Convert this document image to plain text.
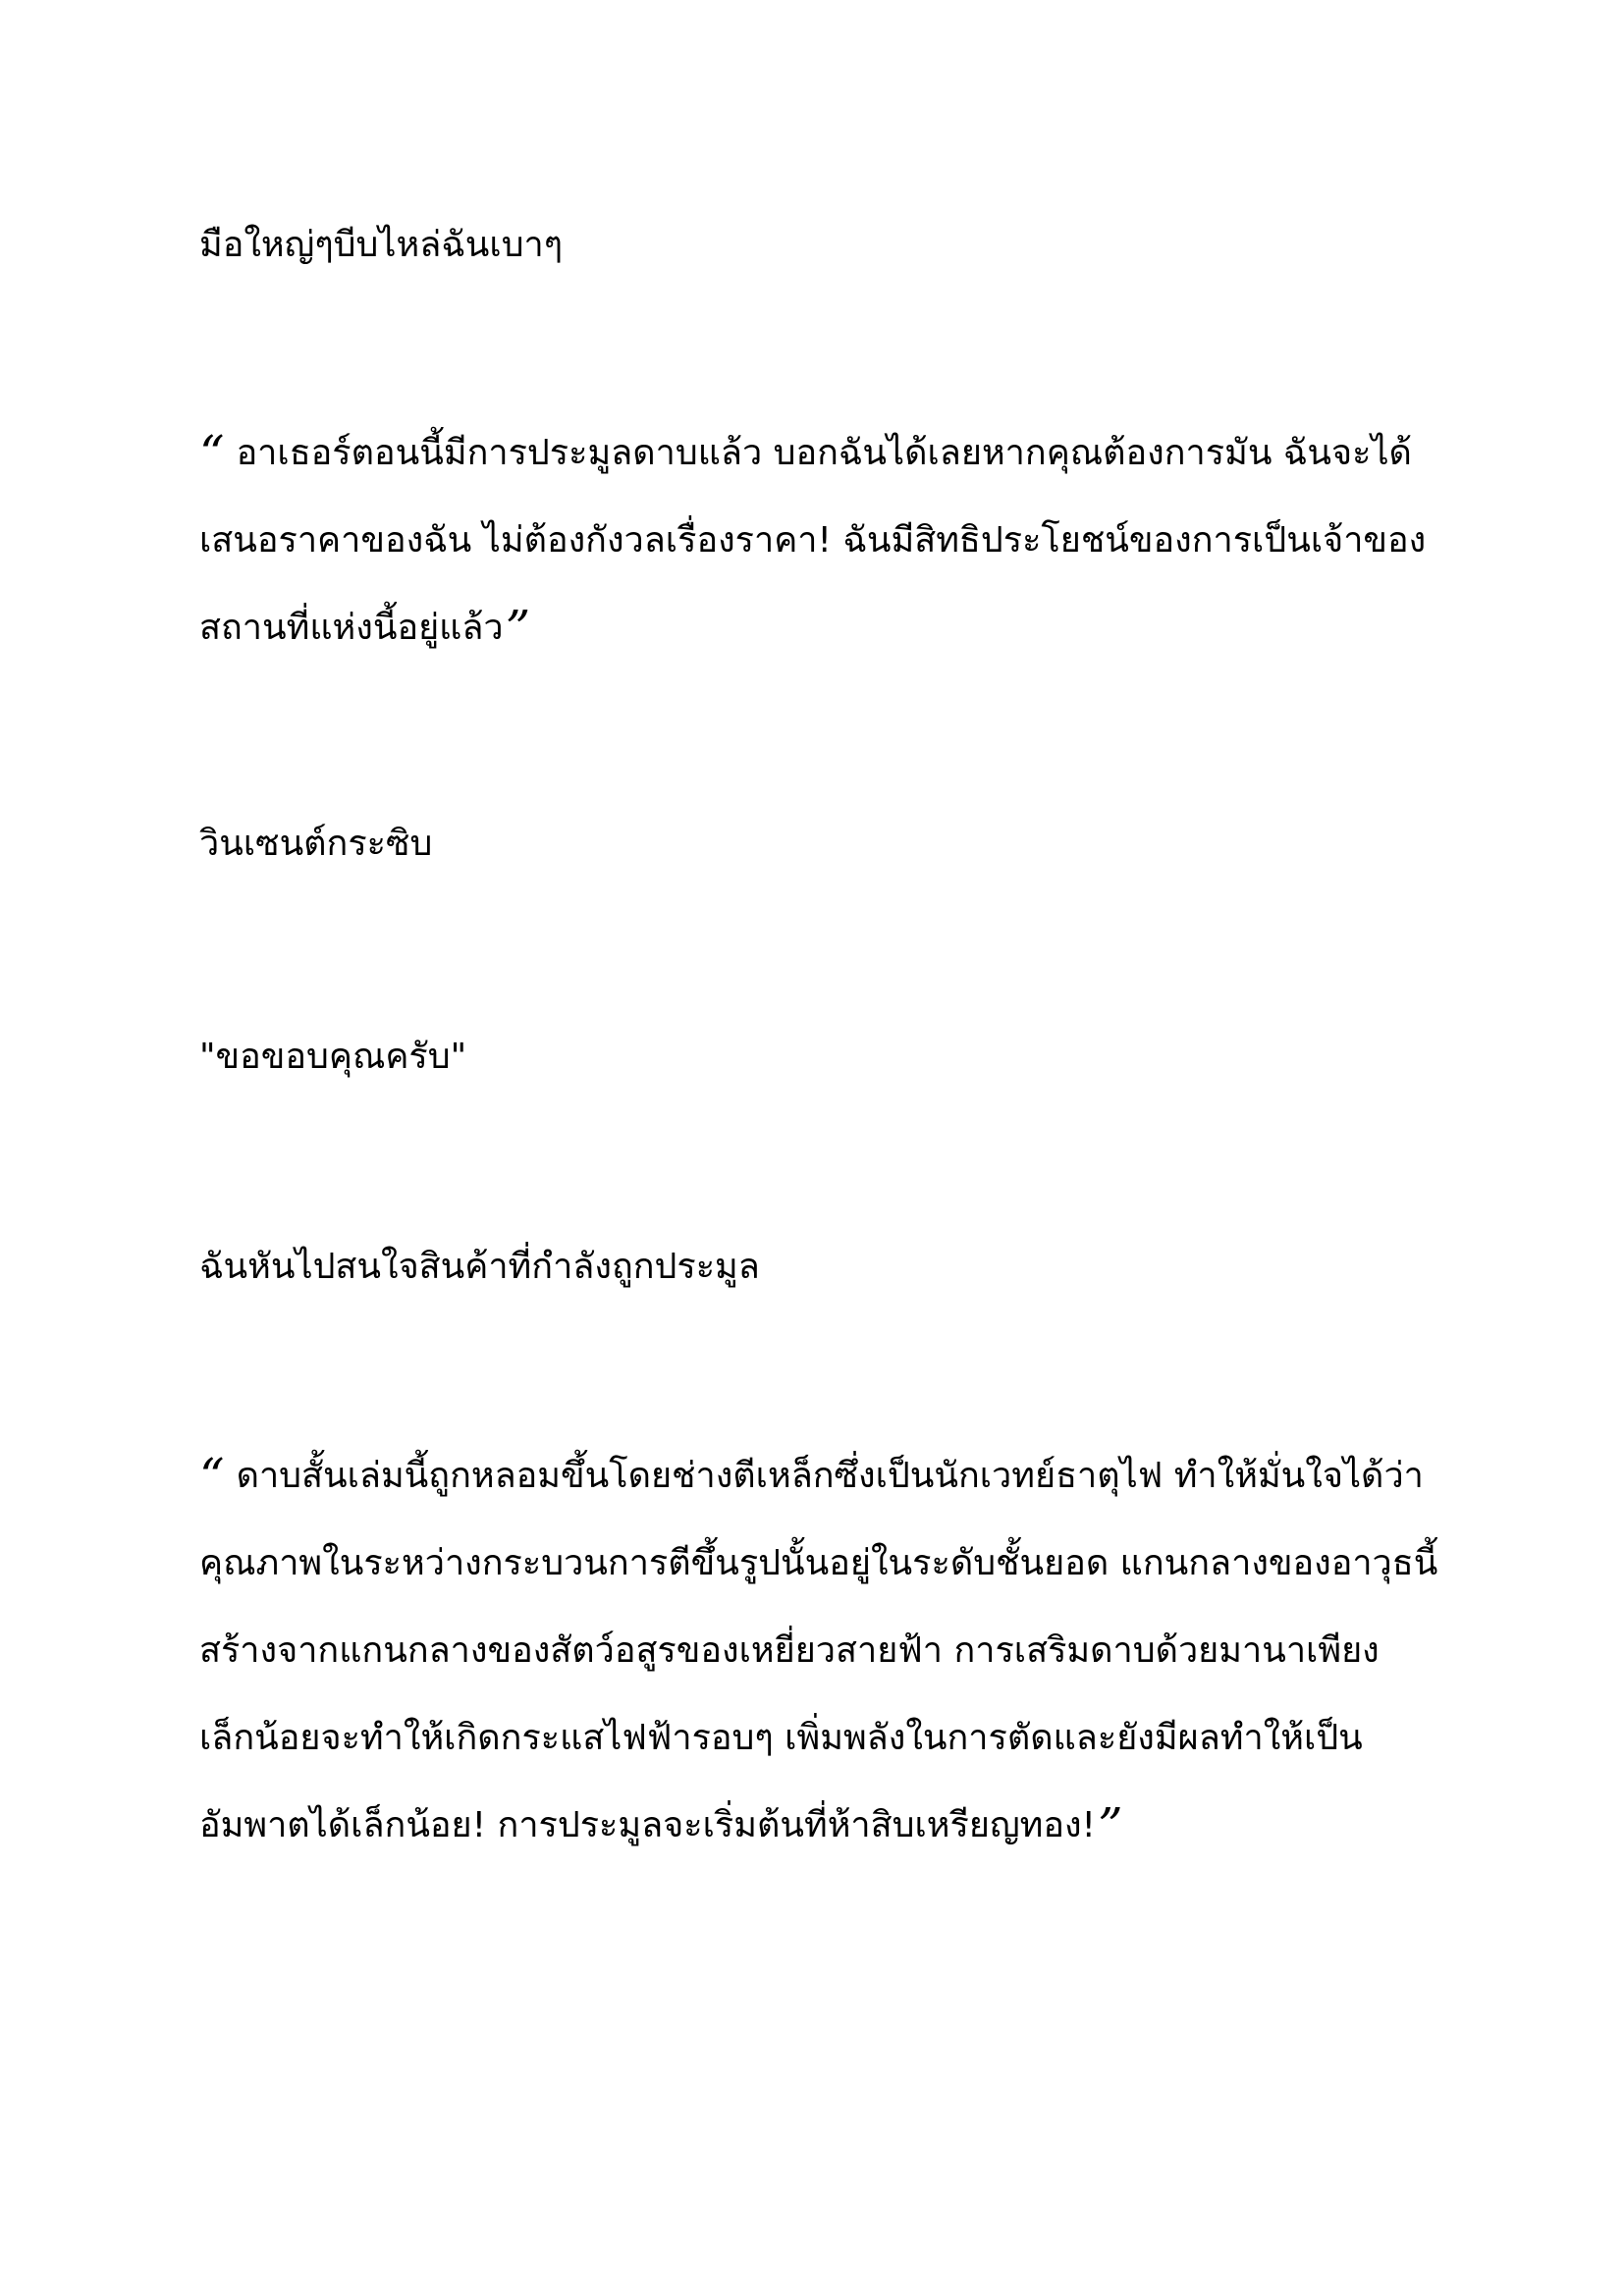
มือใหญ่ๆบีบไหล่ฉันเบาๆ

“ อาเธอร์ตอนนี้มีการประมูลดาบแล้ว บอกฉันได้เลยหากคุณต้องการมัน ฉันจะได้
เสนอราคาของฉัน ไม่ต้องกังวลเรื่องราคา! ฉันมีสิทธิประโยชน์ของการเป็นเจ้าของ
สถานที่แห่งนี้อยู่แล้ว”

วินเซนต์กระซิบ

"ขอขอบคุณครับ"

ฉันหันไปสนใจสินค้าที่กำลังถูกประมูล

“ ดาบสั้นเล่มนี้ถูกหลอมขึ้นโดยช่างตีเหล็กซึ่งเป็นนักเวทย์ธาตุไฟ ทำให้มั่นใจได้ว่า
คุณภาพในระหว่างกระบวนการตีขึ้นรูปนั้นอยู่ในระดับชั้นยอด แกนกลางของอาวุธนี้
สร้างจากแกนกลางของสัตว์อสูรของเหยี่ยวสายฟ้า การเสริมดาบด้วยมานาเพียง
เล็กน้อยจะทำให้เกิดกระแสไฟฟ้ารอบๆ เพิ่มพลังในการตัดและยังมีผลทำให้เป็น
อัมพาตได้เล็กน้อย! การประมูลจะเริ่มต้นที่ห้าสิบเหรียญทอง!”
